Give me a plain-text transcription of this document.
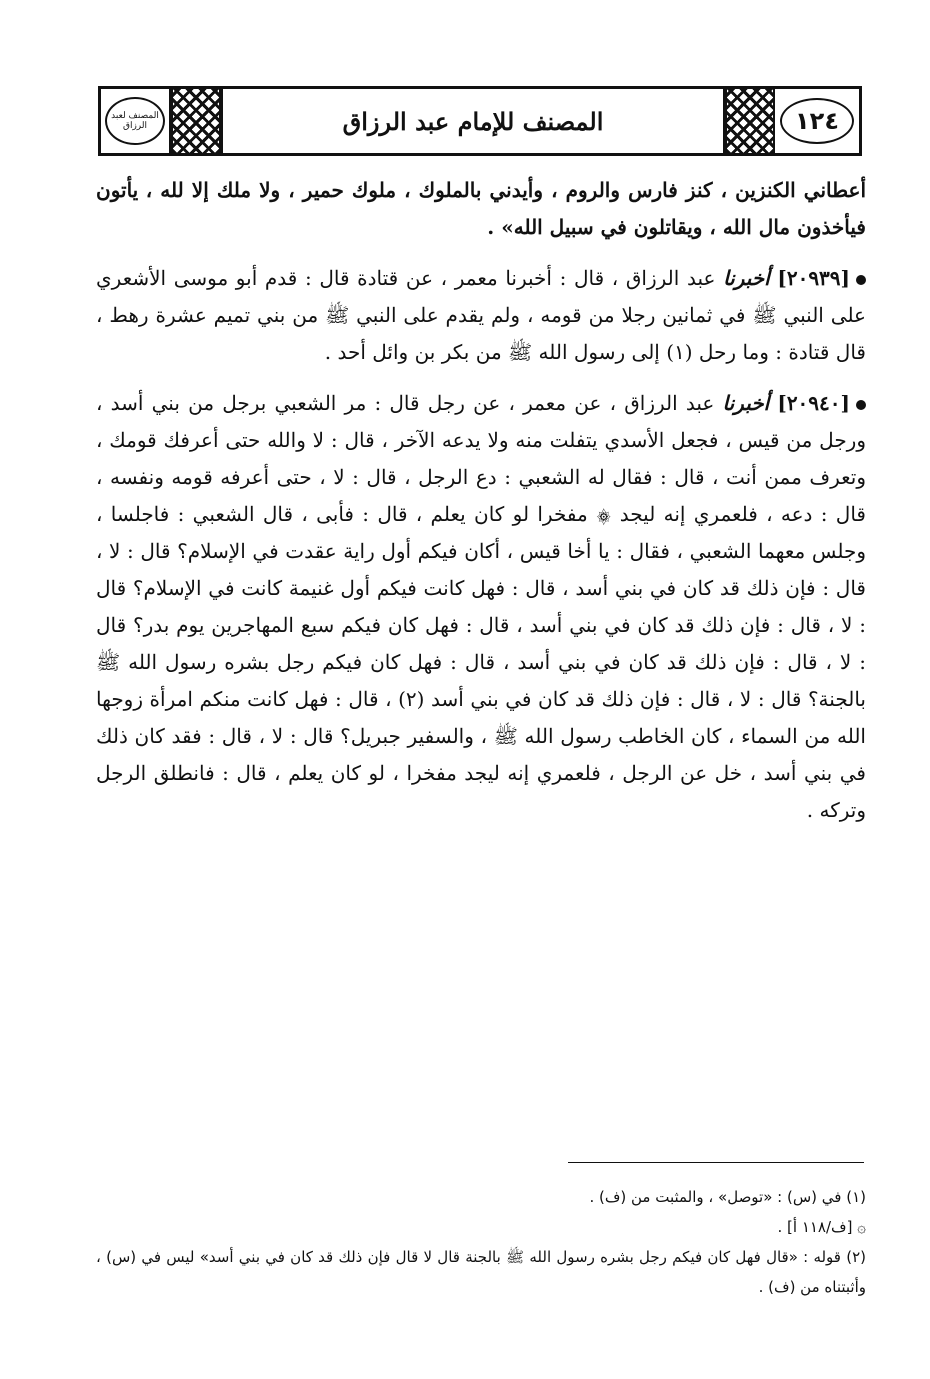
المصنف لعبد الرزاق	المصنف للإمام عبد الرزاق	١٢٤

أعطاني الكنزين ، كنز فارس والروم ، وأيدني بالملوك ، ملوك حمير ، ولا ملك إلا لله ، يأتون فيأخذون مال الله ، ويقاتلون في سبيل الله» .

[٢٠٩٣٩] أخبرنا عبد الرزاق ، قال : أخبرنا معمر ، عن قتادة قال : قدم أبو موسى الأشعري على النبي ﷺ في ثمانين رجلا من قومه ، ولم يقدم على النبي ﷺ من بني تميم عشرة رهط ، قال قتادة : وما رحل (١) إلى رسول الله ﷺ من بكر بن وائل أحد .

[٢٠٩٤٠] أخبرنا عبد الرزاق ، عن معمر ، عن رجل قال : مر الشعبي برجل من بني أسد ، ورجل من قيس ، فجعل الأسدي يتفلت منه ولا يدعه الآخر ، قال : لا والله حتى أعرفك قومك ، وتعرف ممن أنت ، قال : فقال له الشعبي : دع الرجل ، قال : لا ، حتى أعرفه قومه ونفسه ، قال : دعه ، فلعمري إنه ليجد ۞ مفخرا لو كان يعلم ، قال : فأبى ، قال الشعبي : فاجلسا ، وجلس معهما الشعبي ، فقال : يا أخا قيس ، أكان فيكم أول راية عقدت في الإسلام؟ قال : لا ، قال : فإن ذلك قد كان في بني أسد ، قال : فهل كانت فيكم أول غنيمة كانت في الإسلام؟ قال : لا ، قال : فإن ذلك قد كان في بني أسد ، قال : فهل كان فيكم سبع المهاجرين يوم بدر؟ قال : لا ، قال : فإن ذلك قد كان في بني أسد ، قال : فهل كان فيكم رجل بشره رسول الله ﷺ بالجنة؟ قال : لا ، قال : فإن ذلك قد كان في بني أسد (٢) ، قال : فهل كانت منكم امرأة زوجها الله من السماء ، كان الخاطب رسول الله ﷺ ، والسفير جبريل؟ قال : لا ، قال : فقد كان ذلك في بني أسد ، خل عن الرجل ، فلعمري إنه ليجد مفخرا ، لو كان يعلم ، قال : فانطلق الرجل وتركه .

(١) في (س) : «توصل» ، والمثبت من (ف) .

۞ [ف/١١٨ أ] .

(٢) قوله : «قال فهل كان فيكم رجل بشره رسول الله ﷺ بالجنة قال لا قال فإن ذلك قد كان في بني أسد» ليس في (س) ، وأثبتناه من (ف) .
